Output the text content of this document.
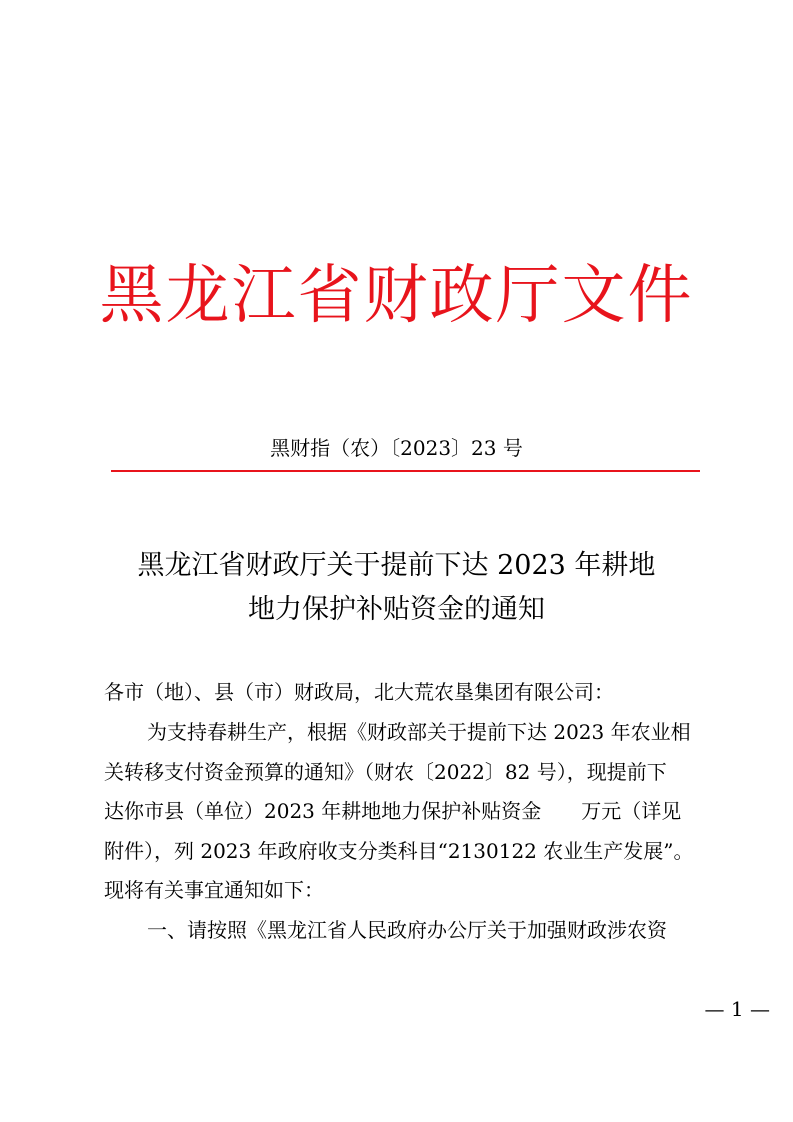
黑龙江省财政厅文件
黑财指（农）〔2023〕23 号
黑龙江省财政厅关于提前下达 2023 年耕地
地力保护补贴资金的通知
各市（地）、县（市）财政局，北大荒农垦集团有限公司：
为支持春耕生产，根据《财政部关于提前下达 2023 年农业相
关转移支付资金预算的通知》（财农〔2022〕82 号），现提前下
达你市县（单位）2023 年耕地地力保护补贴资金　　万元（详见
附件），列 2023 年政府收支分类科目“2130122 农业生产发展”。
现将有关事宜通知如下：
一、请按照《黑龙江省人民政府办公厅关于加强财政涉农资
— 1 —
